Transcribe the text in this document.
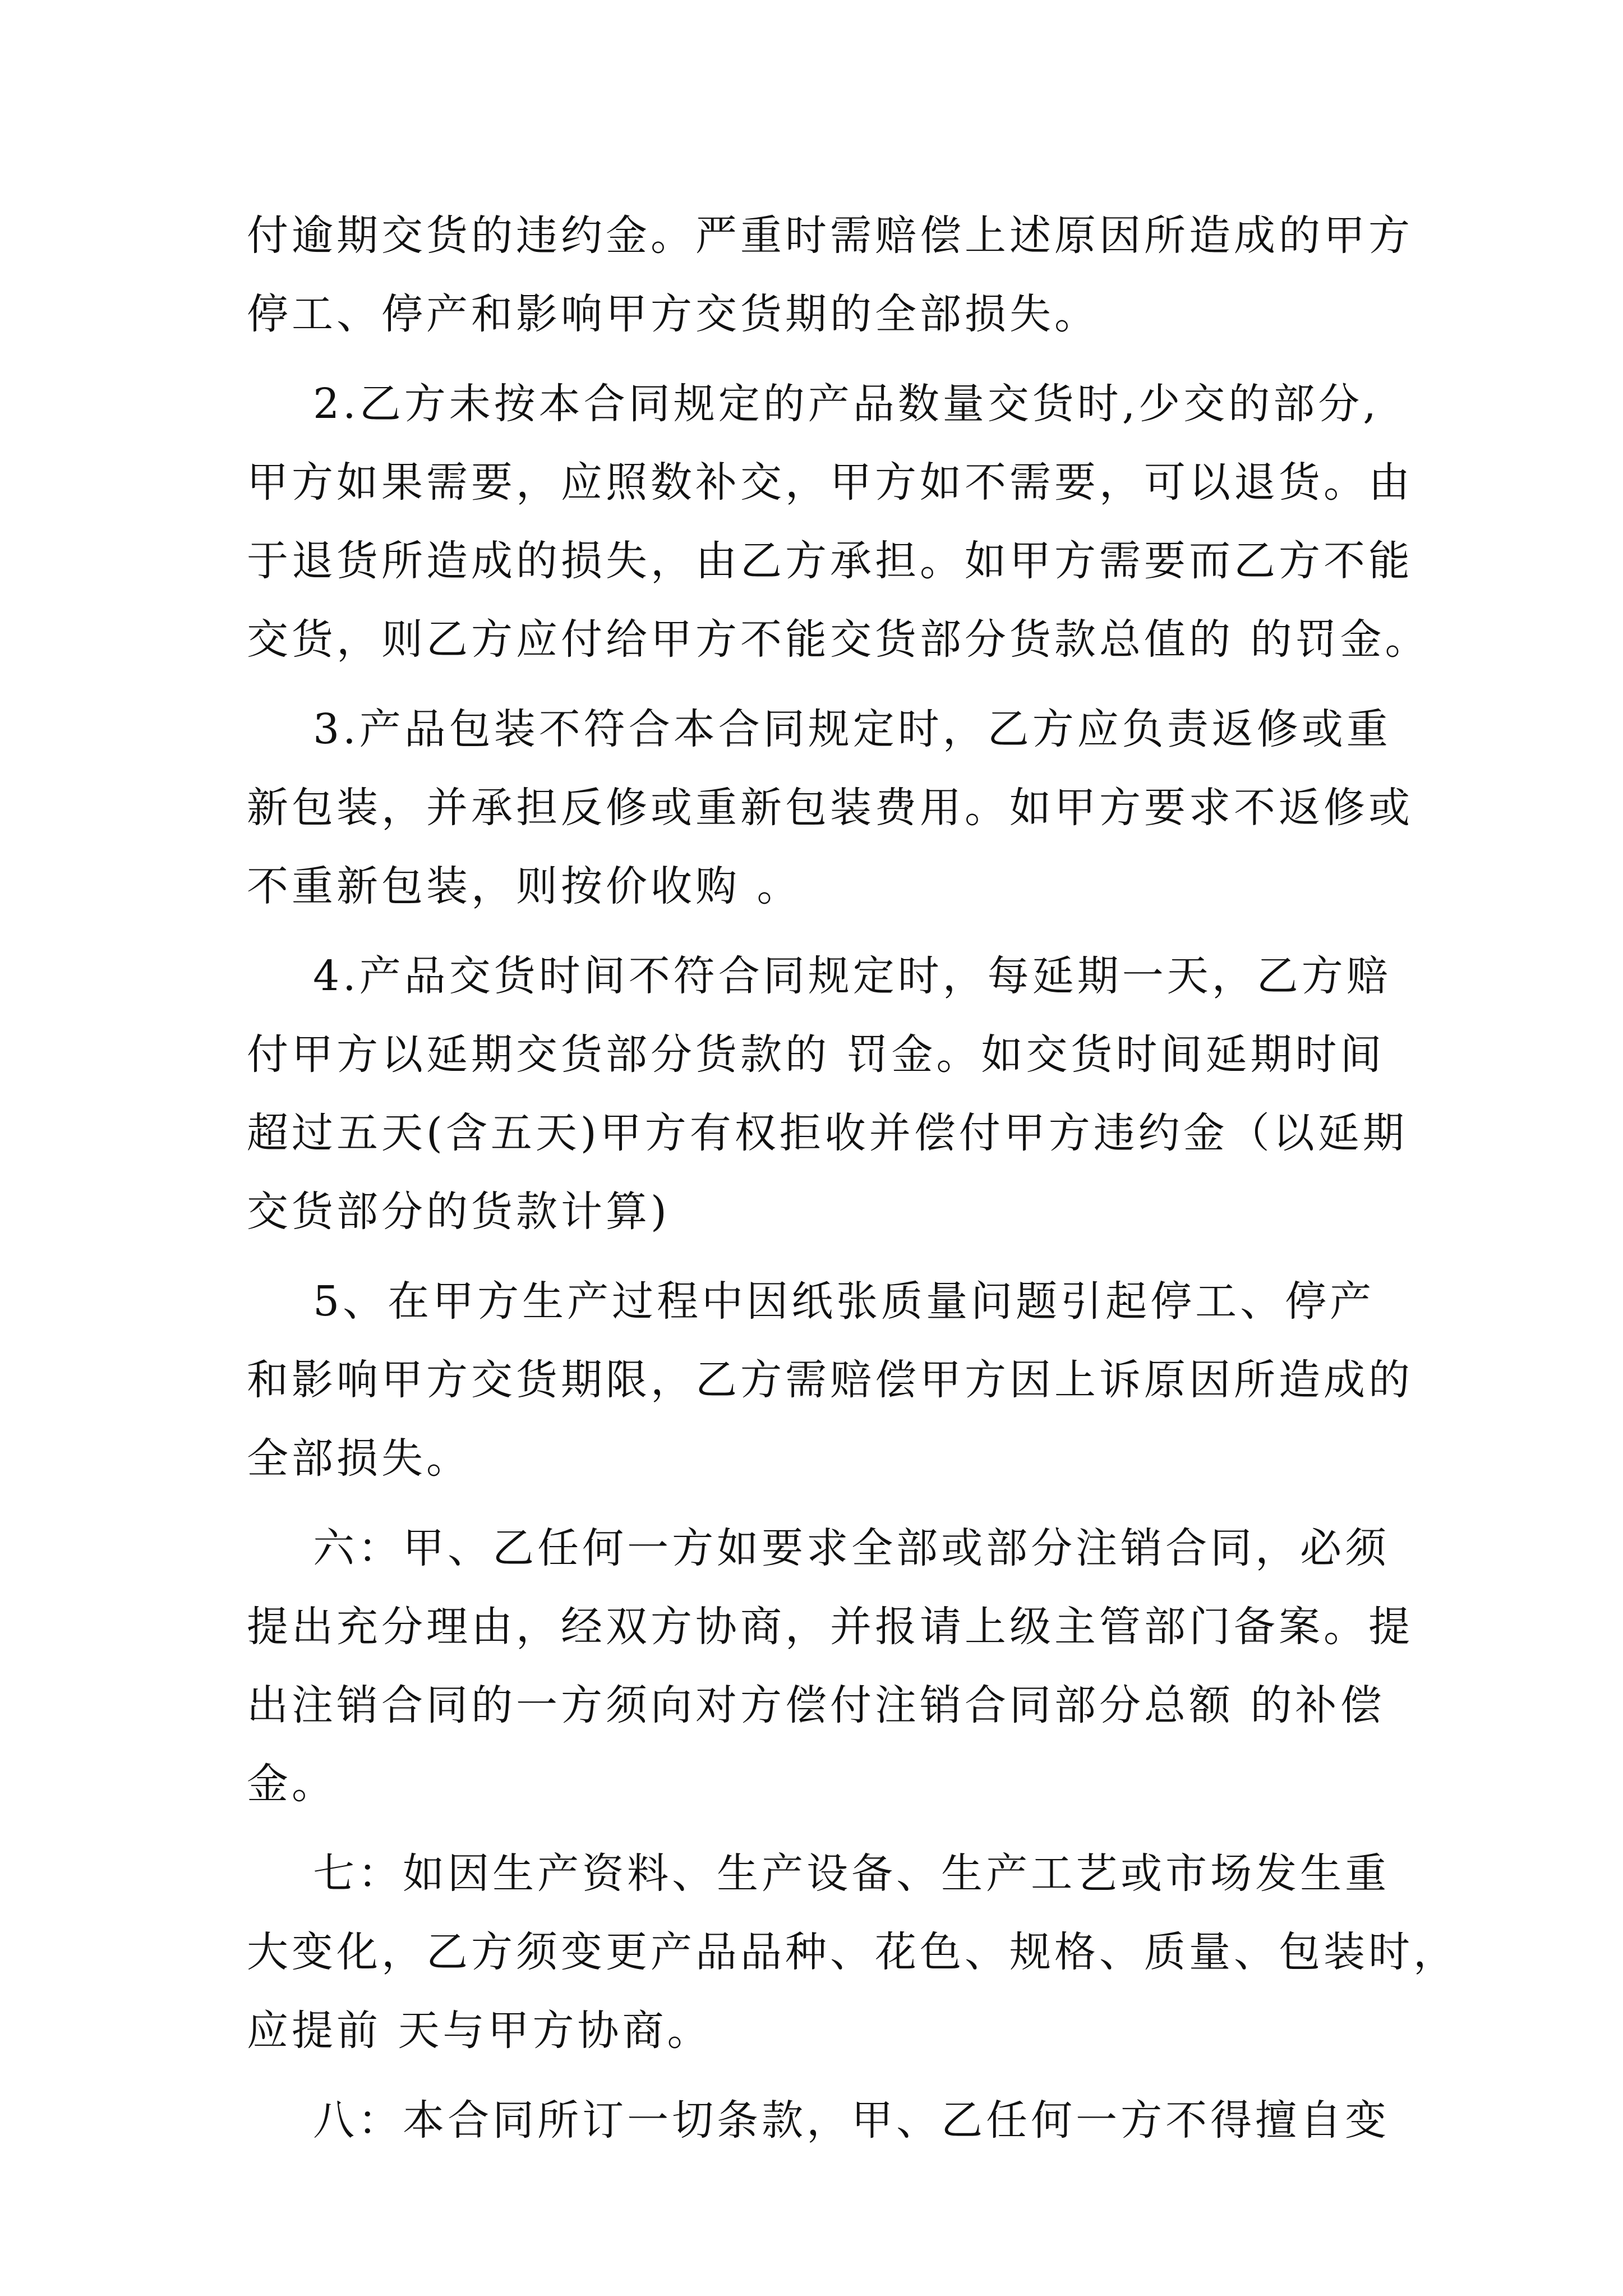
付逾期交货的违约金。严重时需赔偿上述原因所造成的甲方
停工、停产和影响甲方交货期的全部损失。
2.乙方未按本合同规定的产品数量交货时,少交的部分,
甲方如果需要，应照数补交，甲方如不需要，可以退货。由
于退货所造成的损失，由乙方承担。如甲方需要而乙方不能
交货，则乙方应付给甲方不能交货部分货款总值的 的罚金。
3.产品包装不符合本合同规定时，乙方应负责返修或重
新包装，并承担反修或重新包装费用。如甲方要求不返修或
不重新包装，则按价收购 。
4.产品交货时间不符合同规定时，每延期一天，乙方赔
付甲方以延期交货部分货款的 罚金。如交货时间延期时间
超过五天(含五天)甲方有权拒收并偿付甲方违约金（以延期
交货部分的货款计算)
5、在甲方生产过程中因纸张质量问题引起停工、停产
和影响甲方交货期限，乙方需赔偿甲方因上诉原因所造成的
全部损失。
六：甲、乙任何一方如要求全部或部分注销合同，必须
提出充分理由，经双方协商，并报请上级主管部门备案。提
出注销合同的一方须向对方偿付注销合同部分总额 的补偿
金。
七：如因生产资料、生产设备、生产工艺或市场发生重
大变化，乙方须变更产品品种、花色、规格、质量、包装时，
应提前 天与甲方协商。
八：本合同所订一切条款，甲、乙任何一方不得擅自变
